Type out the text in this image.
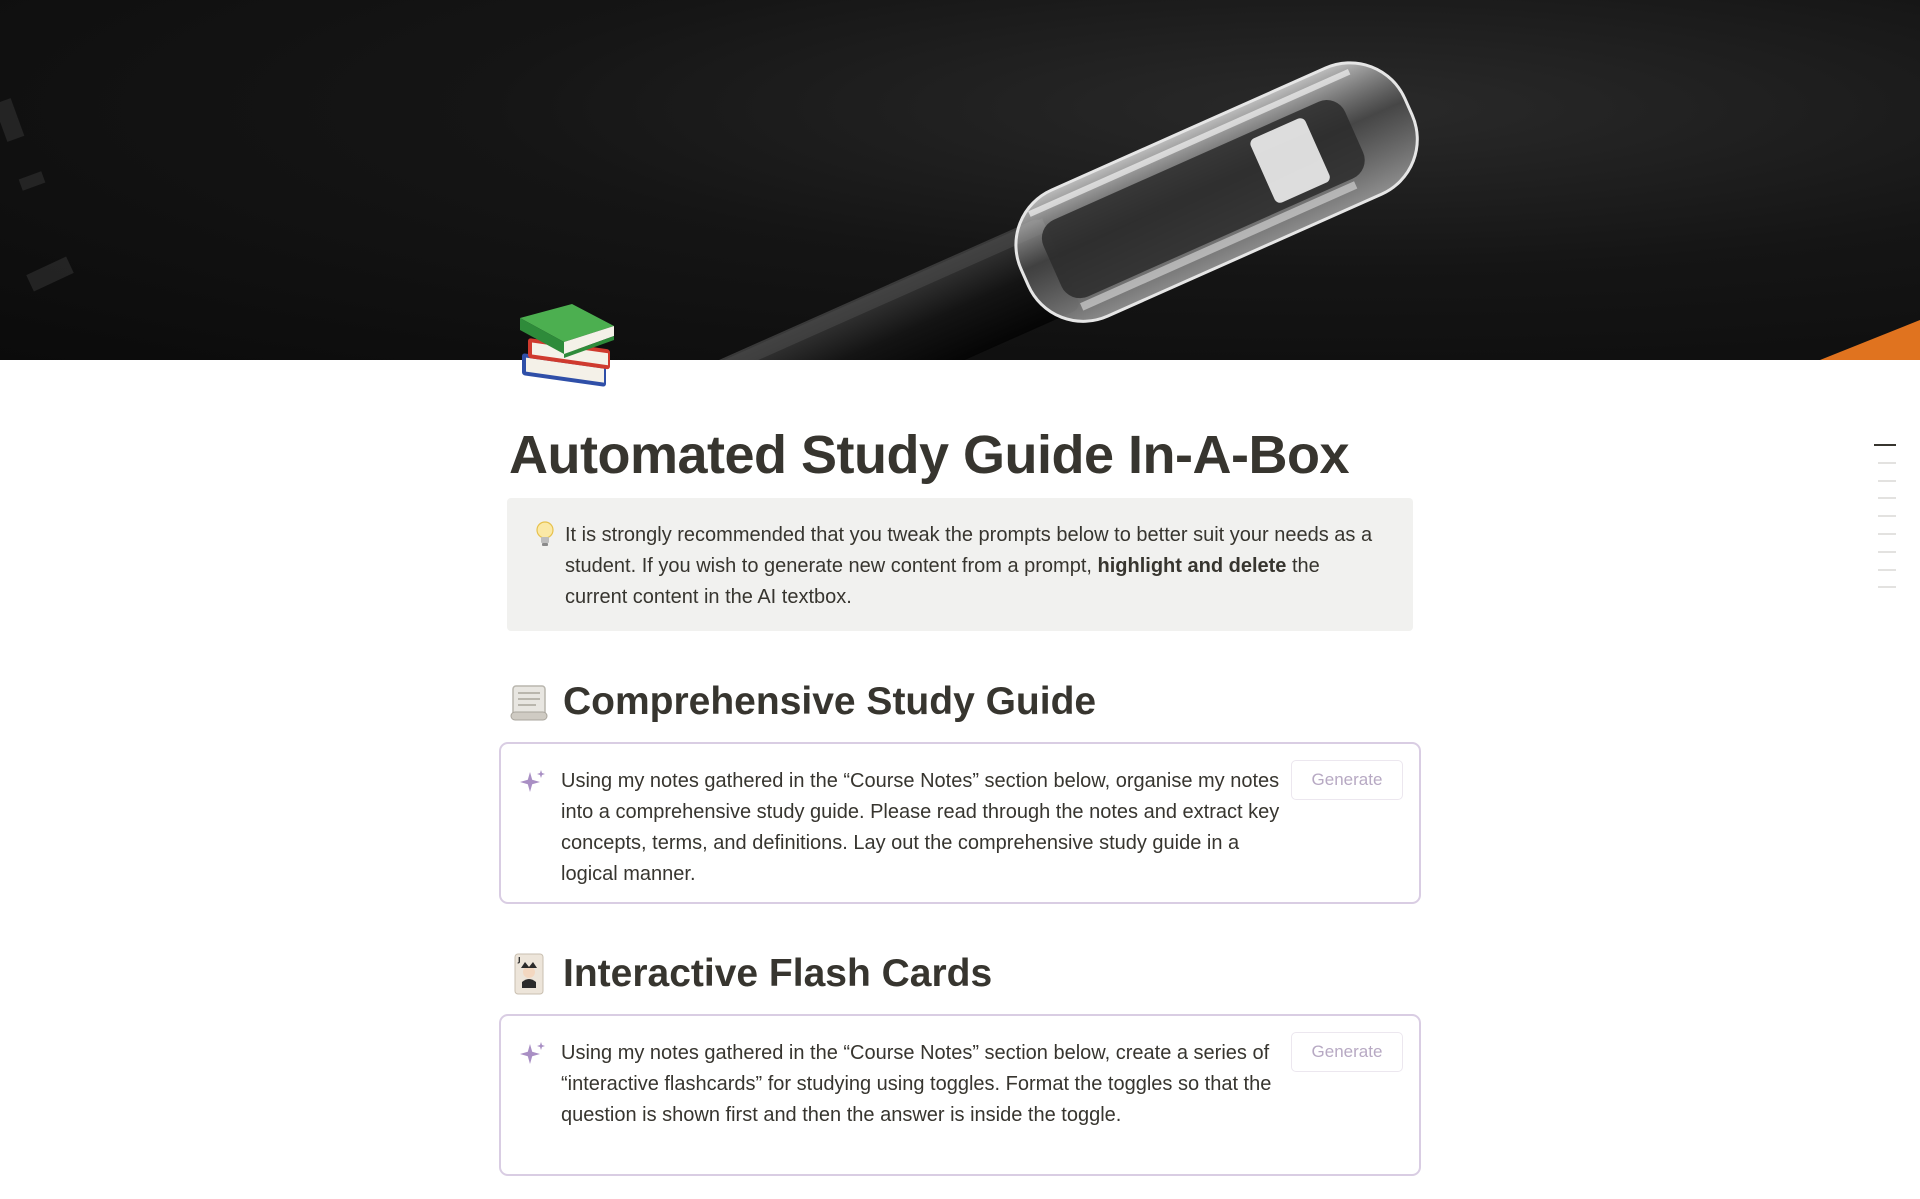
Automated Study Guide In-A-Box

It is strongly recommended that you tweak the prompts below to better suit your needs as a student. If you wish to generate new content from a prompt, highlight and delete the current content in the AI textbox.

Comprehensive Study Guide

Using my notes gathered in the “Course Notes” section below, organise my notes into a comprehensive study guide. Please read through the notes and extract key concepts, terms, and definitions. Lay out the comprehensive study guide in a logical manner.

Generate
J Interactive Flash Cards

Using my notes gathered in the “Course Notes” section below, create a series of “interactive flashcards” for studying using toggles. Format the toggles so that the question is shown first and then the answer is inside the toggle.

Generate
